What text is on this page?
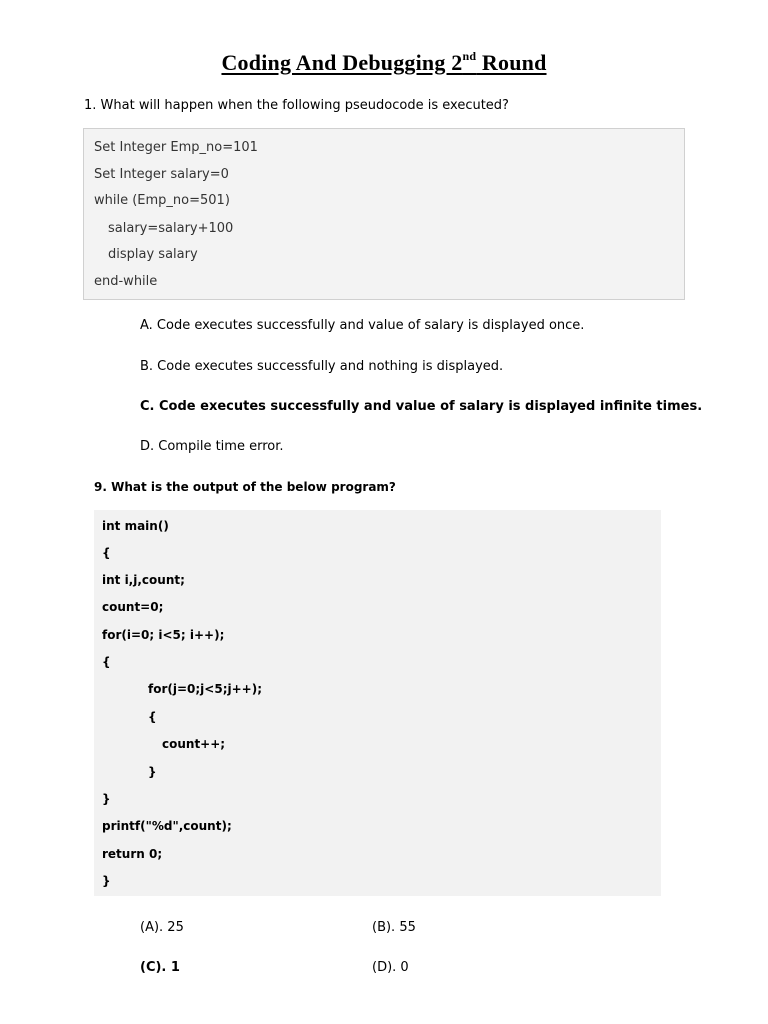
Coding And Debugging 2nd Round
1. What will happen when the following pseudocode is executed?
Set Integer Emp_no=101
Set Integer salary=0
while (Emp_no=501)
salary=salary+100
display salary
end-while
A. Code executes successfully and value of salary is displayed once.
B. Code executes successfully and nothing is displayed.
C. Code executes successfully and value of salary is displayed infinite times.
D. Compile time error.
9. What is the output of the below program?
int main()
{
int i,j,count;
count=0;
for(i=0; i<5; i++);
{
for(j=0;j<5;j++);
{
count++;
}
}
printf("%d",count);
return 0;
}
(A). 25	(B). 55
(C). 1	(D). 0
